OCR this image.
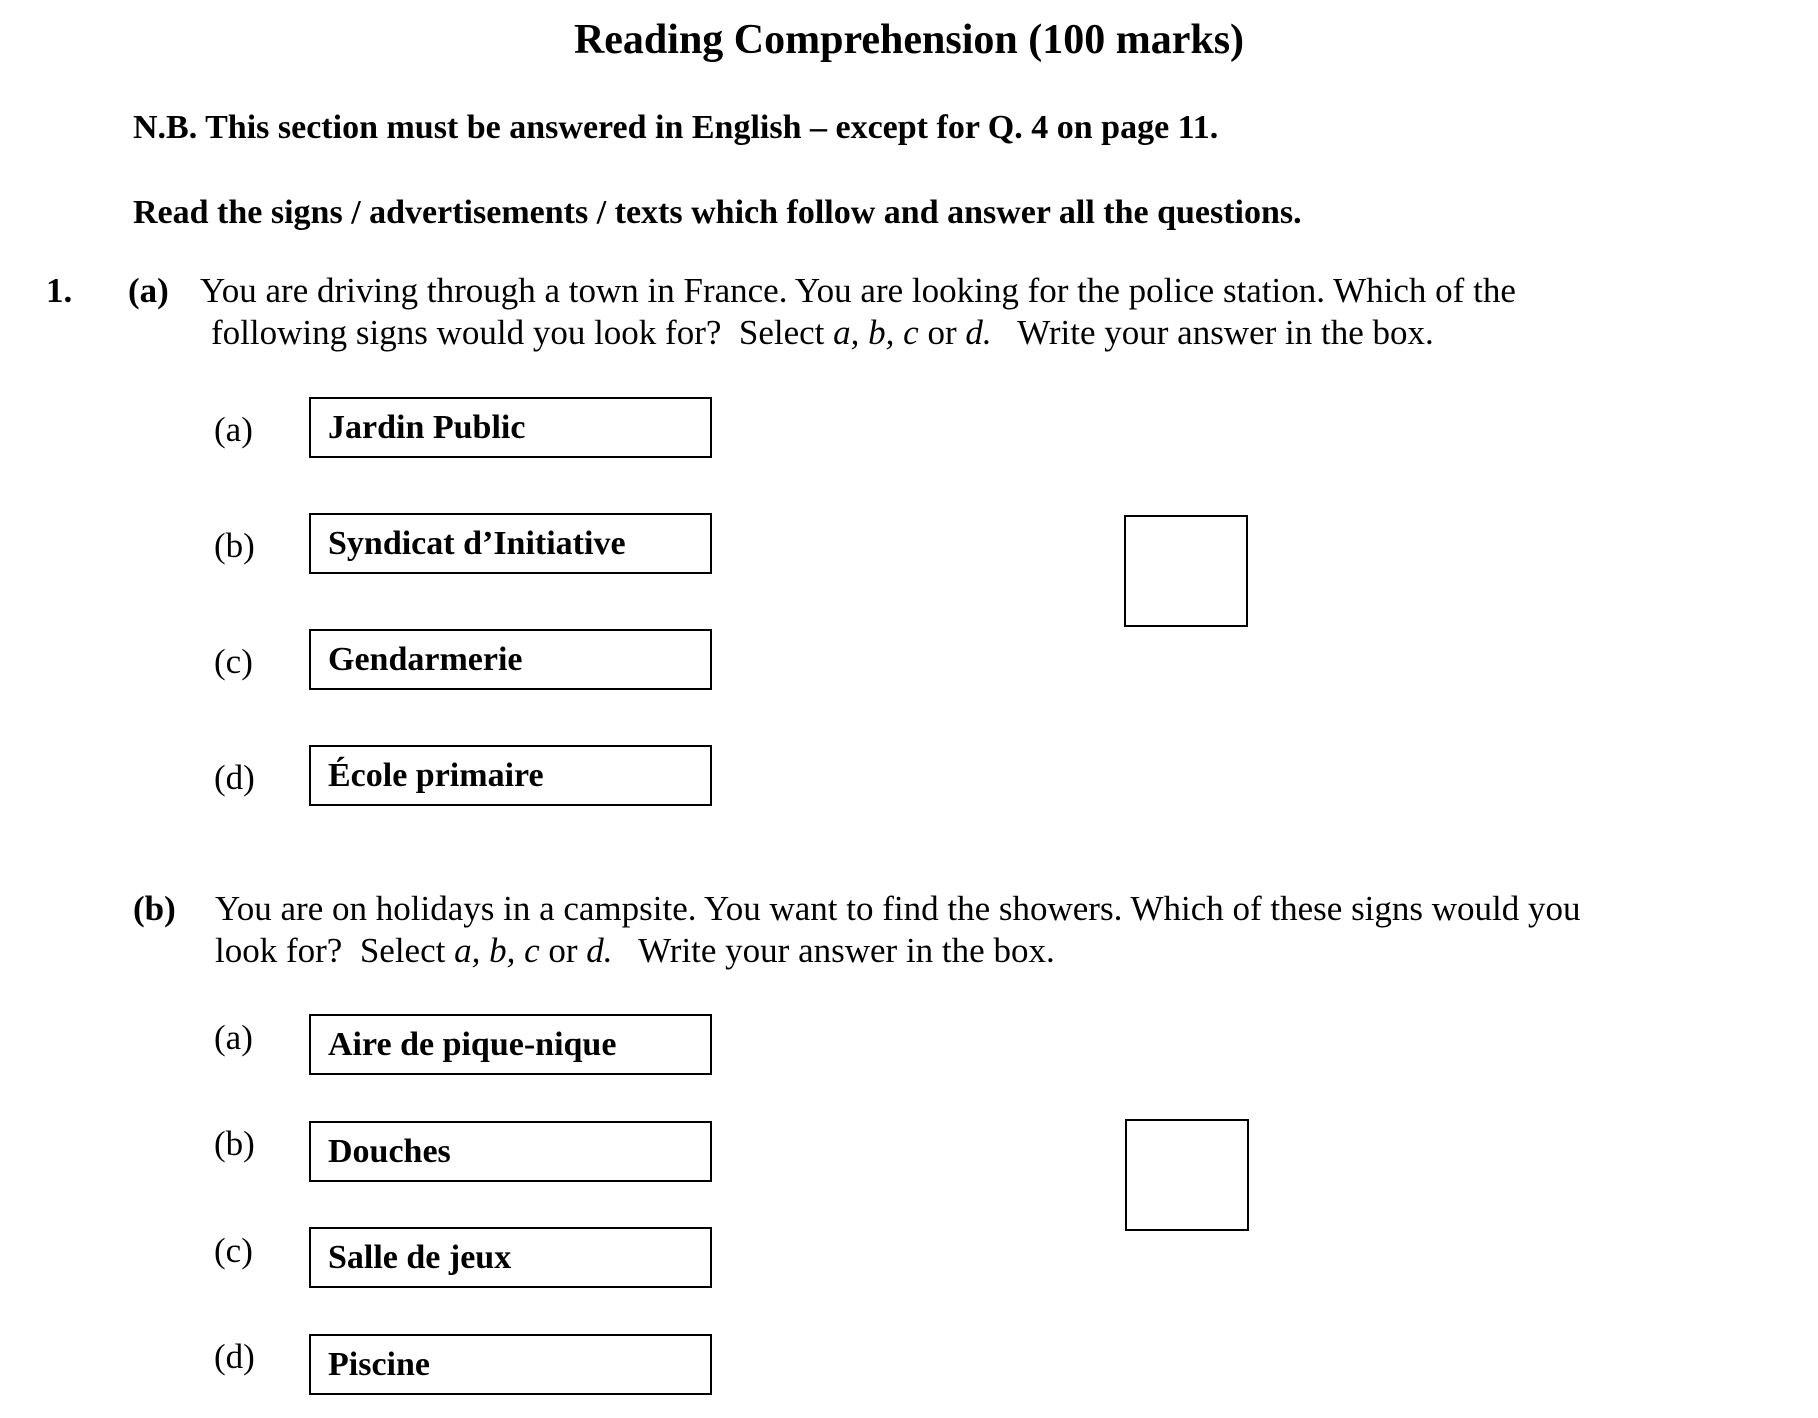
Reading Comprehension (100 marks)
N.B. This section must be answered in English – except for Q. 4 on page 11.
Read the signs / advertisements / texts which follow and answer all the questions.
1. (a) You are driving through a town in France. You are looking for the police station. Which of the
following signs would you look for?  Select a, b, c or d.   Write your answer in the box.
(a) Jardin Public
(b) Syndicat d’Initiative
(c) Gendarmerie
(d) École primaire
(b) You are on holidays in a campsite. You want to find the showers. Which of these signs would you
look for?  Select a, b, c or d.   Write your answer in the box.
(a) Aire de pique-nique
(b) Douches
(c) Salle de jeux
(d) Piscine
